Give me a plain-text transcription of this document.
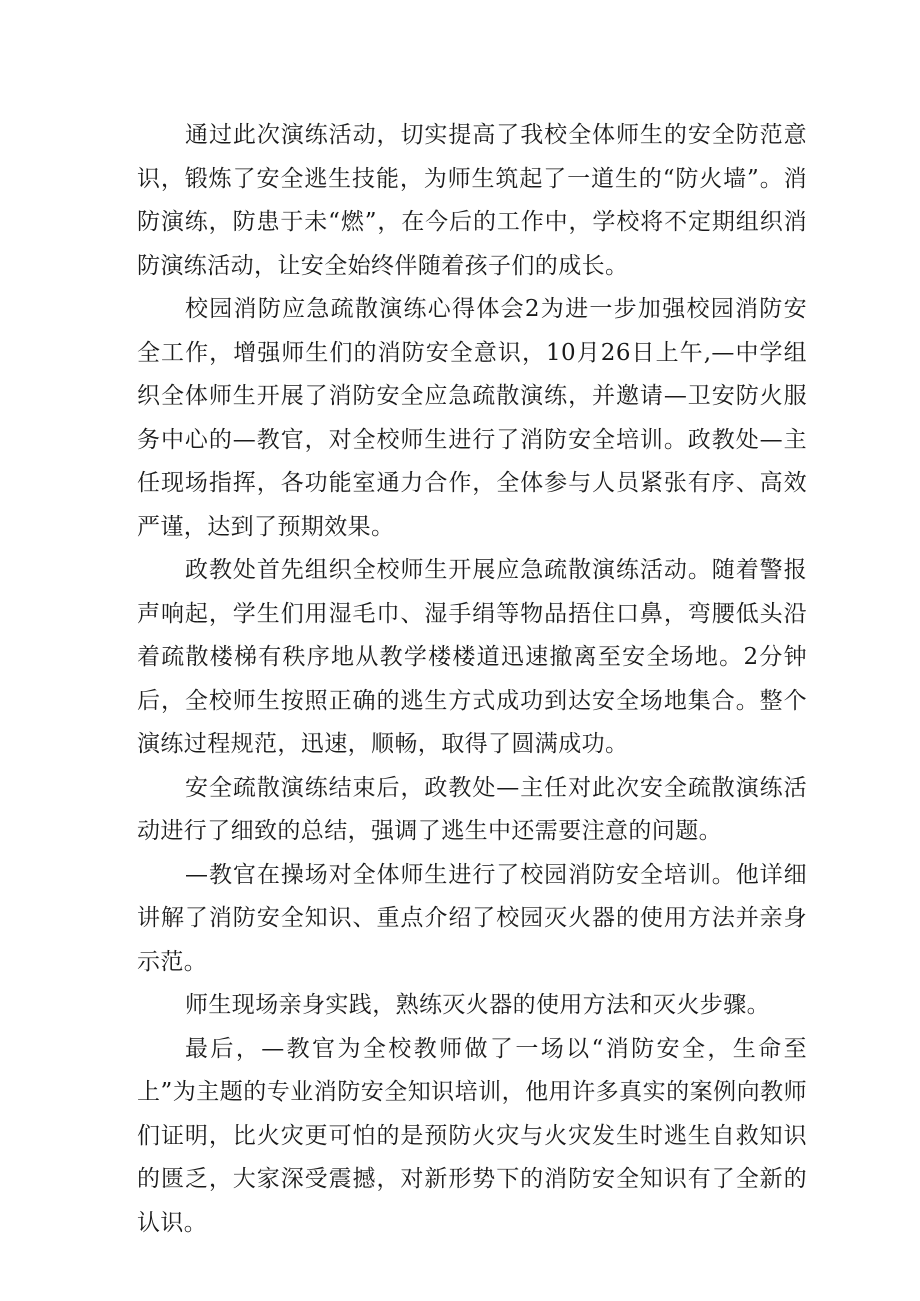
通过此次演练活动，切实提高了我校全体师生的安全防范意识，锻炼了安全逃生技能，为师生筑起了一道生的“防火墙”。消防演练，防患于未“燃”，在今后的工作中，学校将不定期组织消防演练活动，让安全始终伴随着孩子们的成长。

校园消防应急疏散演练心得体会2为进一步加强校园消防安全工作，增强师生们的消防安全意识，10月26日上午,—中学组织全体师生开展了消防安全应急疏散演练，并邀请—卫安防火服务中心的—教官，对全校师生进行了消防安全培训。政教处—主任现场指挥，各功能室通力合作，全体参与人员紧张有序、高效严谨，达到了预期效果。

政教处首先组织全校师生开展应急疏散演练活动。随着警报声响起，学生们用湿毛巾、湿手绢等物品捂住口鼻，弯腰低头沿着疏散楼梯有秩序地从教学楼楼道迅速撤离至安全场地。2分钟后，全校师生按照正确的逃生方式成功到达安全场地集合。整个演练过程规范，迅速，顺畅，取得了圆满成功。

安全疏散演练结束后，政教处—主任对此次安全疏散演练活动进行了细致的总结，强调了逃生中还需要注意的问题。

—教官在操场对全体师生进行了校园消防安全培训。他详细讲解了消防安全知识、重点介绍了校园灭火器的使用方法并亲身示范。

师生现场亲身实践，熟练灭火器的使用方法和灭火步骤。

最后，—教官为全校教师做了一场以“消防安全，生命至上”为主题的专业消防安全知识培训，他用许多真实的案例向教师们证明，比火灾更可怕的是预防火灾与火灾发生时逃生自救知识的匮乏，大家深受震撼，对新形势下的消防安全知识有了全新的认识。
